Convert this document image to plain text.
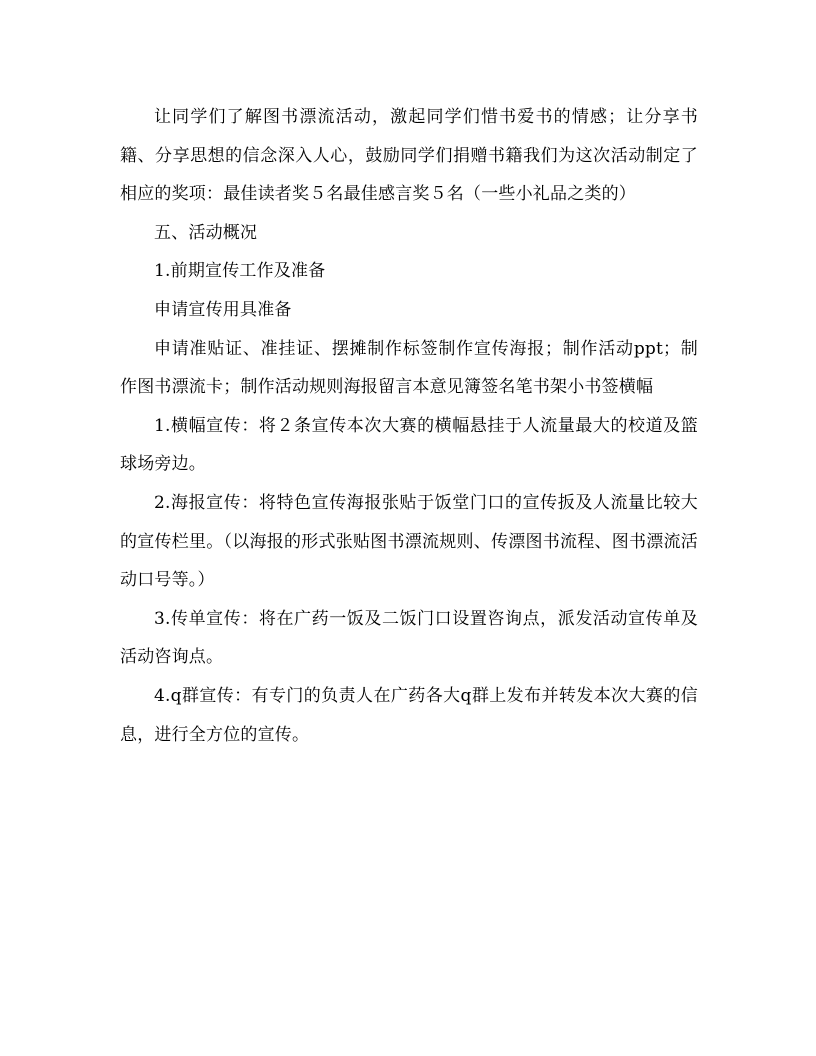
让同学们了解图书漂流活动，激起同学们惜书爱书的情感；让分享书籍、分享思想的信念深入人心，鼓励同学们捐赠书籍我们为这次活动制定了相应的奖项：最佳读者奖５名最佳感言奖５名（一些小礼品之类的）

五、活动概况

1.前期宣传工作及准备

申请宣传用具准备

申请准贴证、准挂证、摆摊制作标签制作宣传海报；制作活动ppt；制作图书漂流卡；制作活动规则海报留言本意见簿签名笔书架小书签横幅

1.横幅宣传：将２条宣传本次大赛的横幅悬挂于人流量最大的校道及篮球场旁边。

2.海报宣传：将特色宣传海报张贴于饭堂门口的宣传扳及人流量比较大的宣传栏里。（以海报的形式张贴图书漂流规则、传漂图书流程、图书漂流活动口号等。）

3.传单宣传：将在广药一饭及二饭门口设置咨询点，派发活动宣传单及活动咨询点。

4.q群宣传：有专门的负责人在广药各大q群上发布并转发本次大赛的信息，进行全方位的宣传。
